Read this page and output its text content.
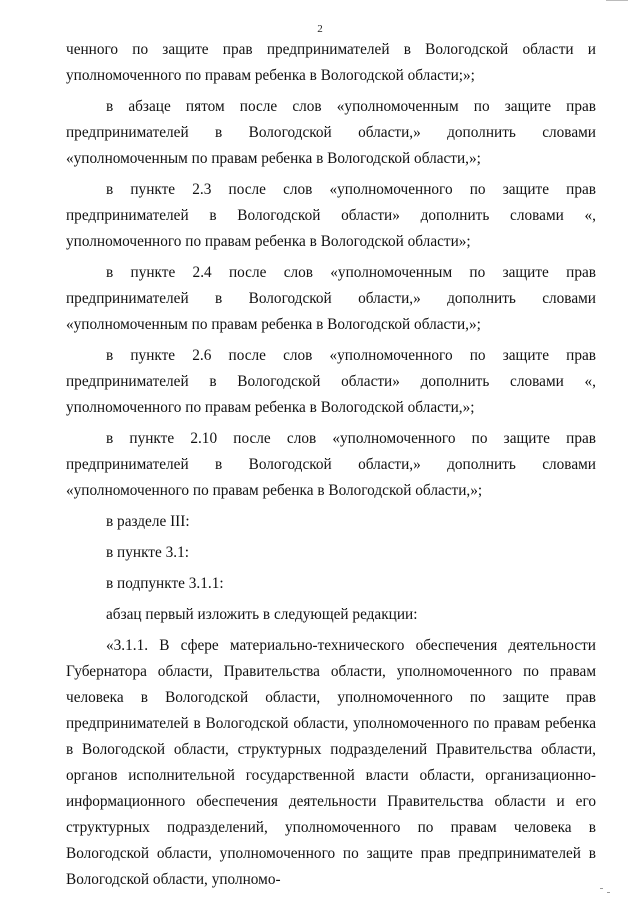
2

ченного по защите прав предпринимателей в Вологодской области и уполномоченного по правам ребенка в Вологодской области;»;

в абзаце пятом после слов «уполномоченным по защите прав предпринимателей в Вологодской области,» дополнить словами «уполномоченным по правам ребенка в Вологодской области,»;

в пункте 2.3 после слов «уполномоченного по защите прав предпринимателей в Вологодской области» дополнить словами «, уполномоченного по правам ребенка в Вологодской области»;

в пункте 2.4 после слов «уполномоченным по защите прав предпринимателей в Вологодской области,» дополнить словами «уполномоченным по правам ребенка в Вологодской области,»;

в пункте 2.6 после слов «уполномоченного по защите прав предпринимателей в Вологодской области» дополнить словами «, уполномоченного по правам ребенка в Вологодской области,»;

в пункте 2.10 после слов «уполномоченного по защите прав предпринимателей в Вологодской области,» дополнить словами «уполномоченного по правам ребенка в Вологодской области,»;

в разделе III:

в пункте 3.1:

в подпункте 3.1.1:

абзац первый изложить в следующей редакции:

«3.1.1. В сфере материально-технического обеспечения деятельности Губернатора области, Правительства области, уполномоченного по правам человека в Вологодской области, уполномоченного по защите прав предпринимателей в Вологодской области, уполномоченного по правам ребенка в Вологодской области, структурных подразделений Правительства области, органов исполнительной государственной власти области, организационно-информационного обеспечения деятельности Правительства области и его структурных подразделений, уполномоченного по правам человека в Вологодской области, уполномоченного по защите прав предпринимателей в Вологодской области, уполномо-
